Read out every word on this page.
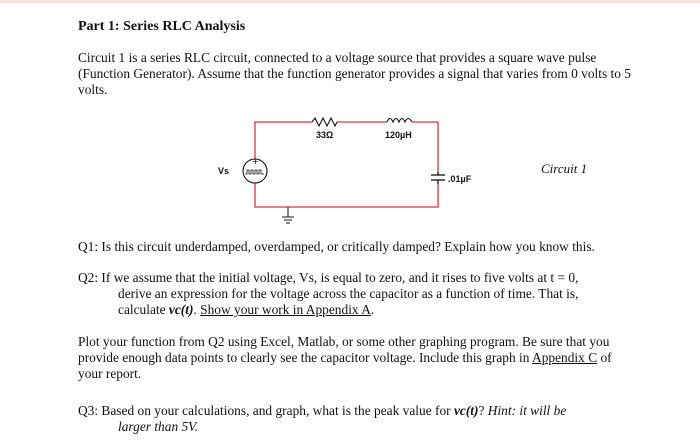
Part 1: Series RLC Analysis
Circuit 1 is a series RLC circuit, connected to a voltage source that provides a square wave pulse (Function Generator). Assume that the function generator provides a signal that varies from 0 volts to 5 volts.
33Ω	120µH
+
Vs
.01µF
Circuit 1
Q1: Is this circuit underdamped, overdamped, or critically damped? Explain how you know this.
Q2: If we assume that the initial voltage, Vs, is equal to zero, and it rises to five volts at t = 0,
derive an expression for the voltage across the capacitor as a function of time. That is,
calculate vc(t). Show your work in Appendix A.
Plot your function from Q2 using Excel, Matlab, or some other graphing program. Be sure that you provide enough data points to clearly see the capacitor voltage. Include this graph in Appendix C of your report.
Q3: Based on your calculations, and graph, what is the peak value for vc(t)? Hint: it will be
larger than 5V.
